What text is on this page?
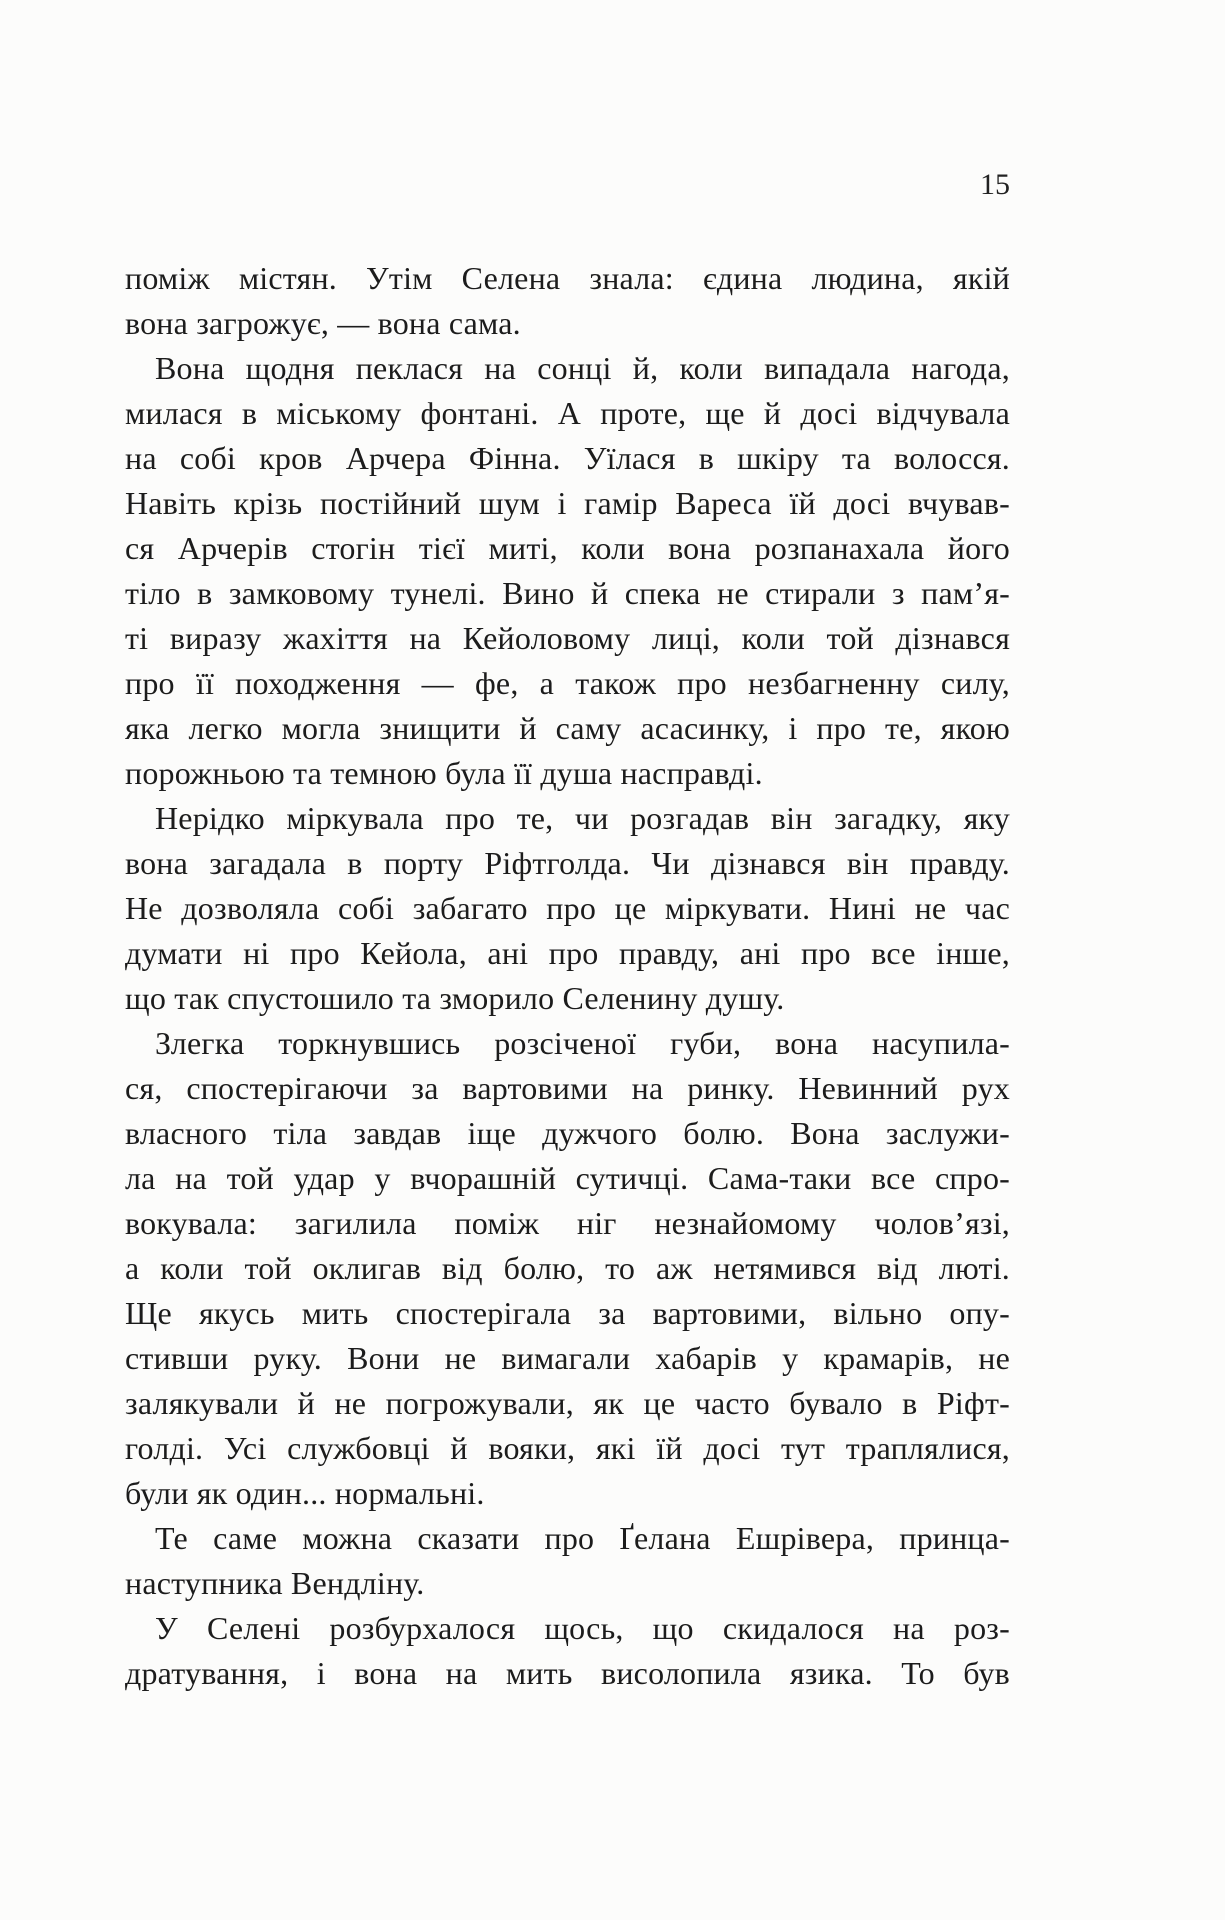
15
поміж містян. Утім Селена знала: єдина людина, якій
вона загрожує, — вона сама.
Вона щодня пеклася на сонці й, коли випадала нагода,
милася в міському фонтані. А проте, ще й досі відчувала
на собі кров Арчера Фінна. Уїлася в шкіру та волосся.
Навіть крізь постійний шум і гамір Вареса їй досі вчував-
ся Арчерів стогін тієї миті, коли вона розпанахала його
тіло в замковому тунелі. Вино й спека не стирали з пам’я-
ті виразу жахіття на Кейоловому лиці, коли той дізнався
про її походження — фе, а також про незбагненну силу,
яка легко могла знищити й саму асасинку, і про те, якою
порожньою та темною була її душа насправді.
Нерідко міркувала про те, чи розгадав він загадку, яку
вона загадала в порту Ріфтголда. Чи дізнався він правду.
Не дозволяла собі забагато про це міркувати. Нині не час
думати ні про Кейола, ані про правду, ані про все інше,
що так спустошило та зморило Селенину душу.
Злегка торкнувшись розсіченої губи, вона насупила-
ся, спостерігаючи за вартовими на ринку. Невинний рух
власного тіла завдав іще дужчого болю. Вона заслужи-
ла на той удар у вчорашній сутичці. Сама-таки все спро-
вокувала: загилила поміж ніг незнайомому чолов’язі,
а коли той оклигав від болю, то аж нетямився від люті.
Ще якусь мить спостерігала за вартовими, вільно опу-
стивши руку. Вони не вимагали хабарів у крамарів, не
залякували й не погрожували, як це часто бувало в Ріфт-
голді. Усі службовці й вояки, які їй досі тут траплялися,
були як один... нормальні.
Те саме можна сказати про Ґелана Ешрівера, принца-
наступника Вендліну.
У Селені розбурхалося щось, що скидалося на роз-
дратування, і вона на мить висолопила язика. То був
